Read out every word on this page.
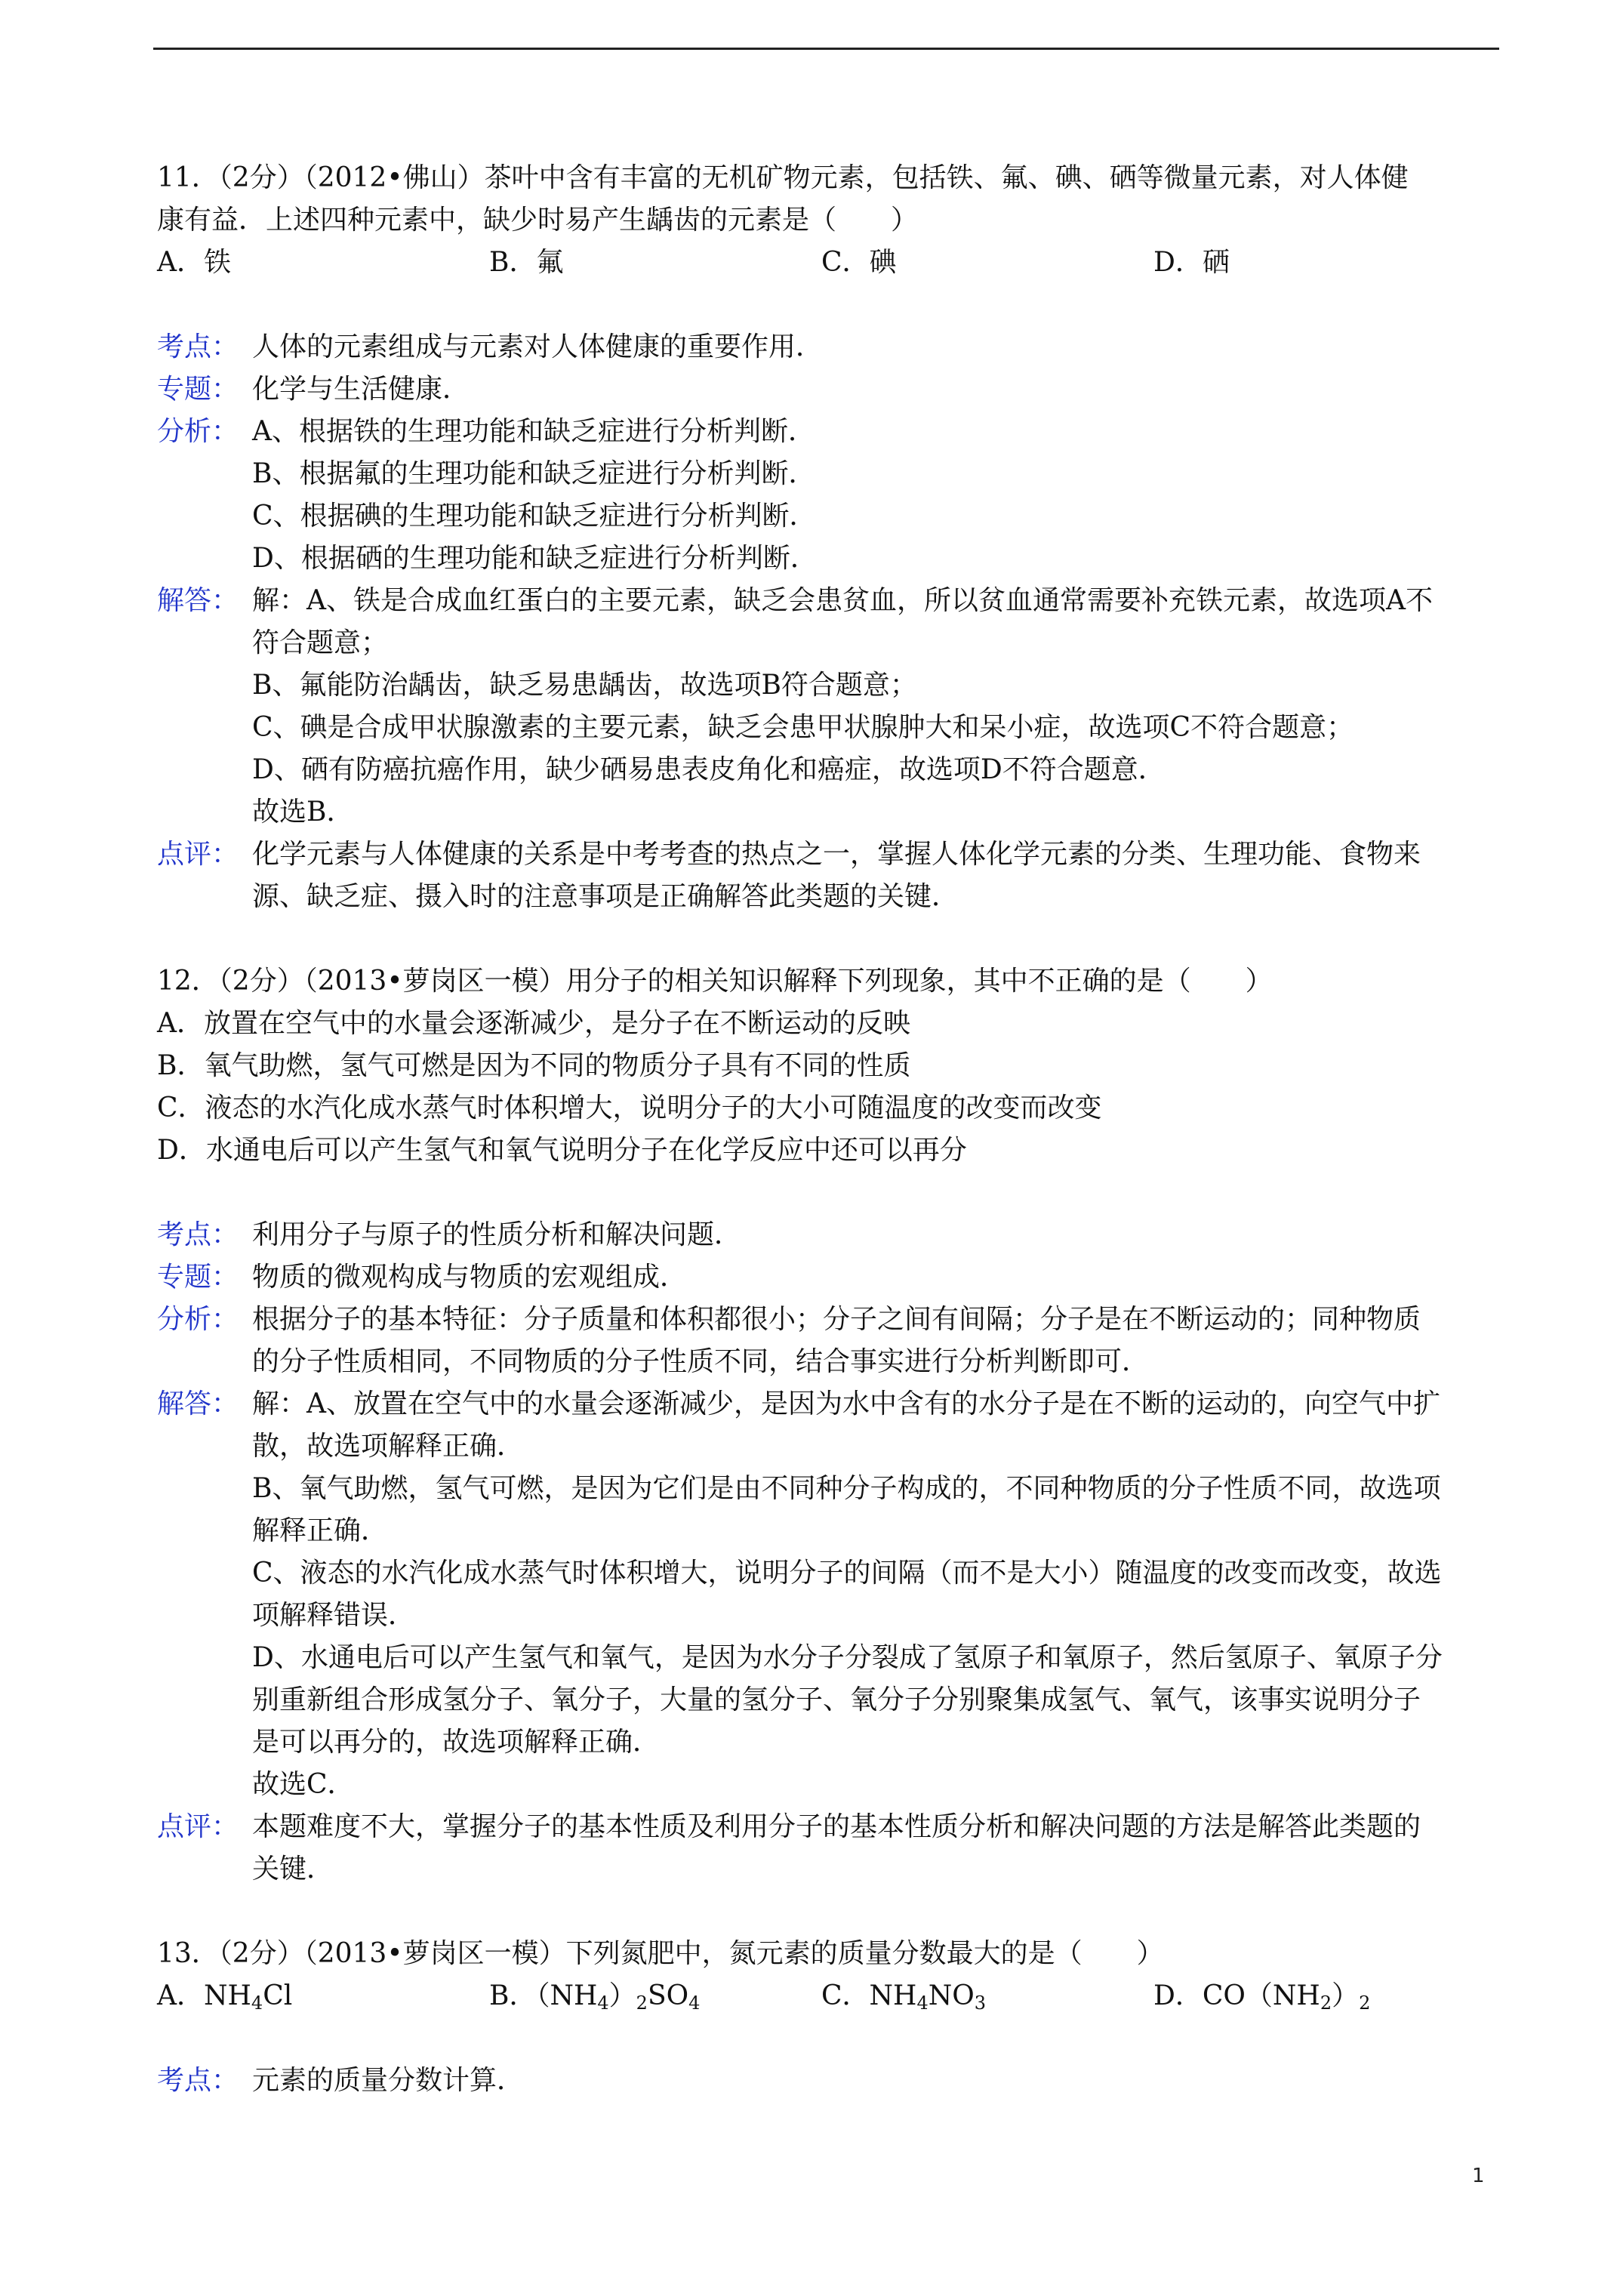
11．（2分）（2012•佛山）茶叶中含有丰富的无机矿物元素，包括铁、氟、碘、硒等微量元素，对人体健
康有益．上述四种元素中，缺少时易产生龋齿的元素是（　　）
A．铁	B．氟	C．碘	D．硒
考点： 人体的元素组成与元素对人体健康的重要作用．
专题： 化学与生活健康．
分析： A、根据铁的生理功能和缺乏症进行分析判断．
B、根据氟的生理功能和缺乏症进行分析判断．
C、根据碘的生理功能和缺乏症进行分析判断．
D、根据硒的生理功能和缺乏症进行分析判断．
解答： 解：A、铁是合成血红蛋白的主要元素，缺乏会患贫血，所以贫血通常需要补充铁元素，故选项A不
符合题意；
B、氟能防治龋齿，缺乏易患龋齿，故选项B符合题意；
C、碘是合成甲状腺激素的主要元素，缺乏会患甲状腺肿大和呆小症，故选项C不符合题意；
D、硒有防癌抗癌作用，缺少硒易患表皮角化和癌症，故选项D不符合题意．
故选B．
点评： 化学元素与人体健康的关系是中考考查的热点之一，掌握人体化学元素的分类、生理功能、食物来
源、缺乏症、摄入时的注意事项是正确解答此类题的关键．
12．（2分）（2013•萝岗区一模）用分子的相关知识解释下列现象，其中不正确的是（　　）
A．放置在空气中的水量会逐渐减少，是分子在不断运动的反映
B．氧气助燃，氢气可燃是因为不同的物质分子具有不同的性质
C．液态的水汽化成水蒸气时体积增大，说明分子的大小可随温度的改变而改变
D．水通电后可以产生氢气和氧气说明分子在化学反应中还可以再分
考点： 利用分子与原子的性质分析和解决问题．
专题： 物质的微观构成与物质的宏观组成．
分析： 根据分子的基本特征：分子质量和体积都很小；分子之间有间隔；分子是在不断运动的；同种物质
的分子性质相同，不同物质的分子性质不同，结合事实进行分析判断即可．
解答： 解：A、放置在空气中的水量会逐渐减少，是因为水中含有的水分子是在不断的运动的，向空气中扩
散，故选项解释正确．
B、氧气助燃，氢气可燃，是因为它们是由不同种分子构成的，不同种物质的分子性质不同，故选项
解释正确．
C、液态的水汽化成水蒸气时体积增大，说明分子的间隔（而不是大小）随温度的改变而改变，故选
项解释错误．
D、水通电后可以产生氢气和氧气，是因为水分子分裂成了氢原子和氧原子，然后氢原子、氧原子分
别重新组合形成氢分子、氧分子，大量的氢分子、氧分子分别聚集成氢气、氧气，该事实说明分子
是可以再分的，故选项解释正确．
故选C．
点评： 本题难度不大，掌握分子的基本性质及利用分子的基本性质分析和解决问题的方法是解答此类题的
关键．
13．（2分）（2013•萝岗区一模）下列氮肥中，氮元素的质量分数最大的是（　　）
A．$NH_4Cl$	B．$(NH_4)_2SO_4$	C．$NH_4NO_3$	D．$CO(NH_2)_2$
考点： 元素的质量分数计算．
1
